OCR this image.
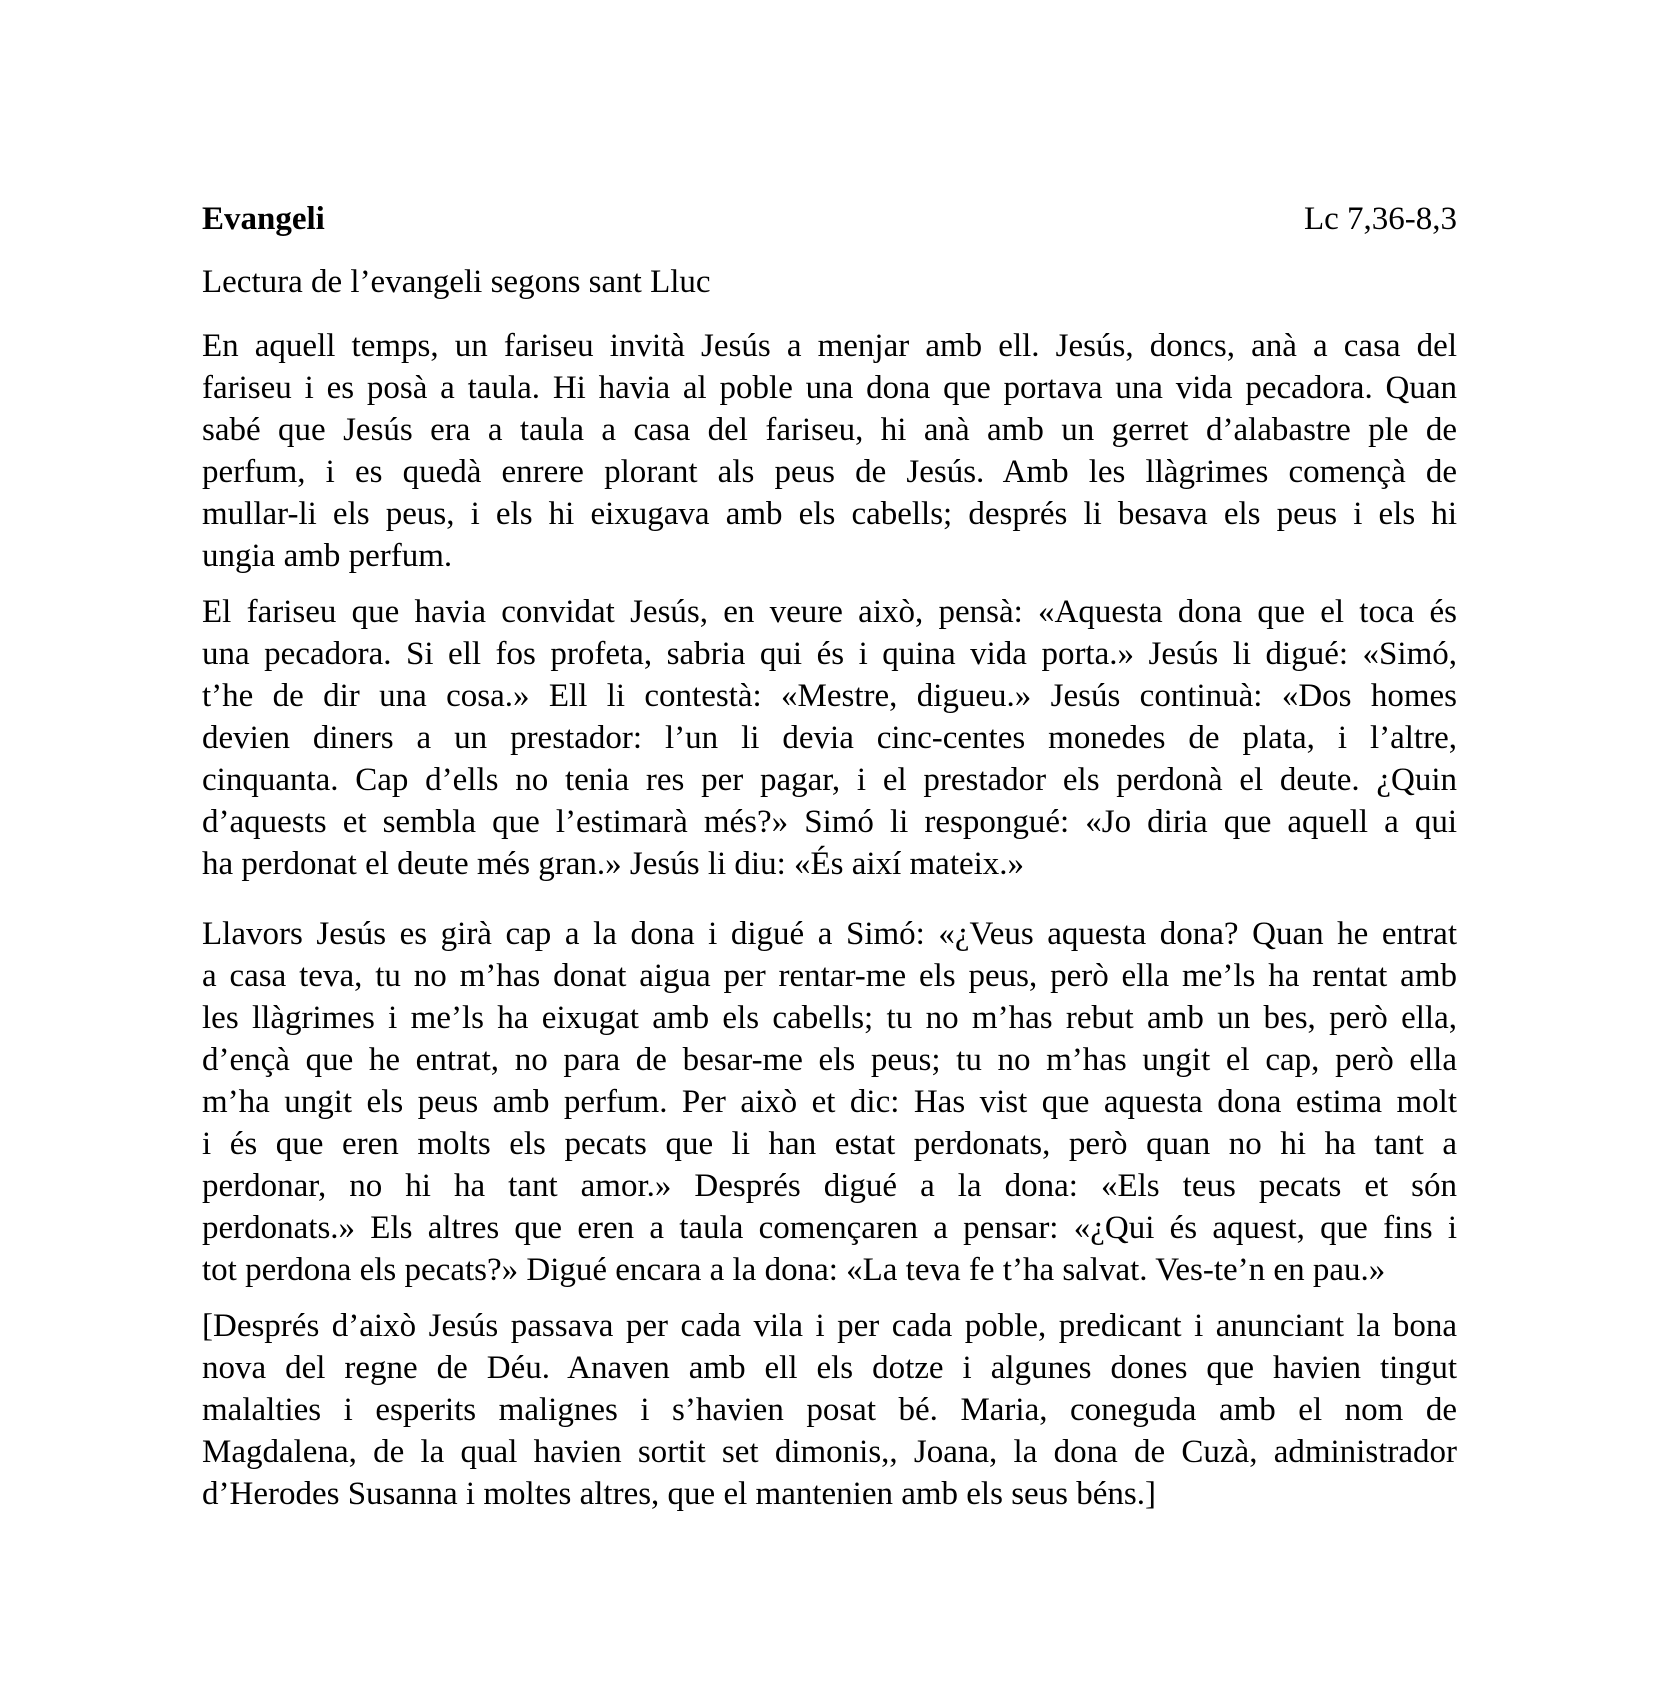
Evangeli	Lc 7,36-8,3
Lectura de l’evangeli segons sant Lluc
En aquell temps, un fariseu invità Jesús a menjar amb ell. Jesús, doncs, anà a casa del
fariseu i es posà a taula. Hi havia al poble una dona que portava una vida pecadora. Quan
sabé que Jesús era a taula a casa del fariseu, hi anà amb un gerret d’alabastre ple de
perfum, i es quedà enrere plorant als peus de Jesús. Amb les llàgrimes començà de
mullar-li els peus, i els hi eixugava amb els cabells; després li besava els peus i els hi
ungia amb perfum.
El fariseu que havia convidat Jesús, en veure això, pensà: «Aquesta dona que el toca és
una pecadora. Si ell fos profeta, sabria qui és i quina vida porta.» Jesús li digué: «Simó,
t’he de dir una cosa.» Ell li contestà: «Mestre, digueu.» Jesús continuà: «Dos homes
devien diners a un prestador: l’un li devia cinc-centes monedes de plata, i l’altre,
cinquanta. Cap d’ells no tenia res per pagar, i el prestador els perdonà el deute. ¿Quin
d’aquests et sembla que l’estimarà més?» Simó li respongué: «Jo diria que aquell a qui
ha perdonat el deute més gran.» Jesús li diu: «És així mateix.»
Llavors Jesús es girà cap a la dona i digué a Simó: «¿Veus aquesta dona? Quan he entrat
a casa teva, tu no m’has donat aigua per rentar-me els peus, però ella me’ls ha rentat amb
les llàgrimes i me’ls ha eixugat amb els cabells; tu no m’has rebut amb un bes, però ella,
d’ençà que he entrat, no para de besar-me els peus; tu no m’has ungit el cap, però ella
m’ha ungit els peus amb perfum. Per això et dic: Has vist que aquesta dona estima molt
i és que eren molts els pecats que li han estat perdonats, però quan no hi ha tant a
perdonar, no hi ha tant amor.» Després digué a la dona: «Els teus pecats et són
perdonats.» Els altres que eren a taula començaren a pensar: «¿Qui és aquest, que fins i
tot perdona els pecats?» Digué encara a la dona: «La teva fe t’ha salvat. Ves-te’n en pau.»
[Després d’això Jesús passava per cada vila i per cada poble, predicant i anunciant la bona
nova del regne de Déu. Anaven amb ell els dotze i algunes dones que havien tingut
malalties i esperits malignes i s’havien posat bé. Maria, coneguda amb el nom de
Magdalena, de la qual havien sortit set dimonis,, Joana, la dona de Cuzà, administrador
d’Herodes Susanna i moltes altres, que el mantenien amb els seus béns.]
